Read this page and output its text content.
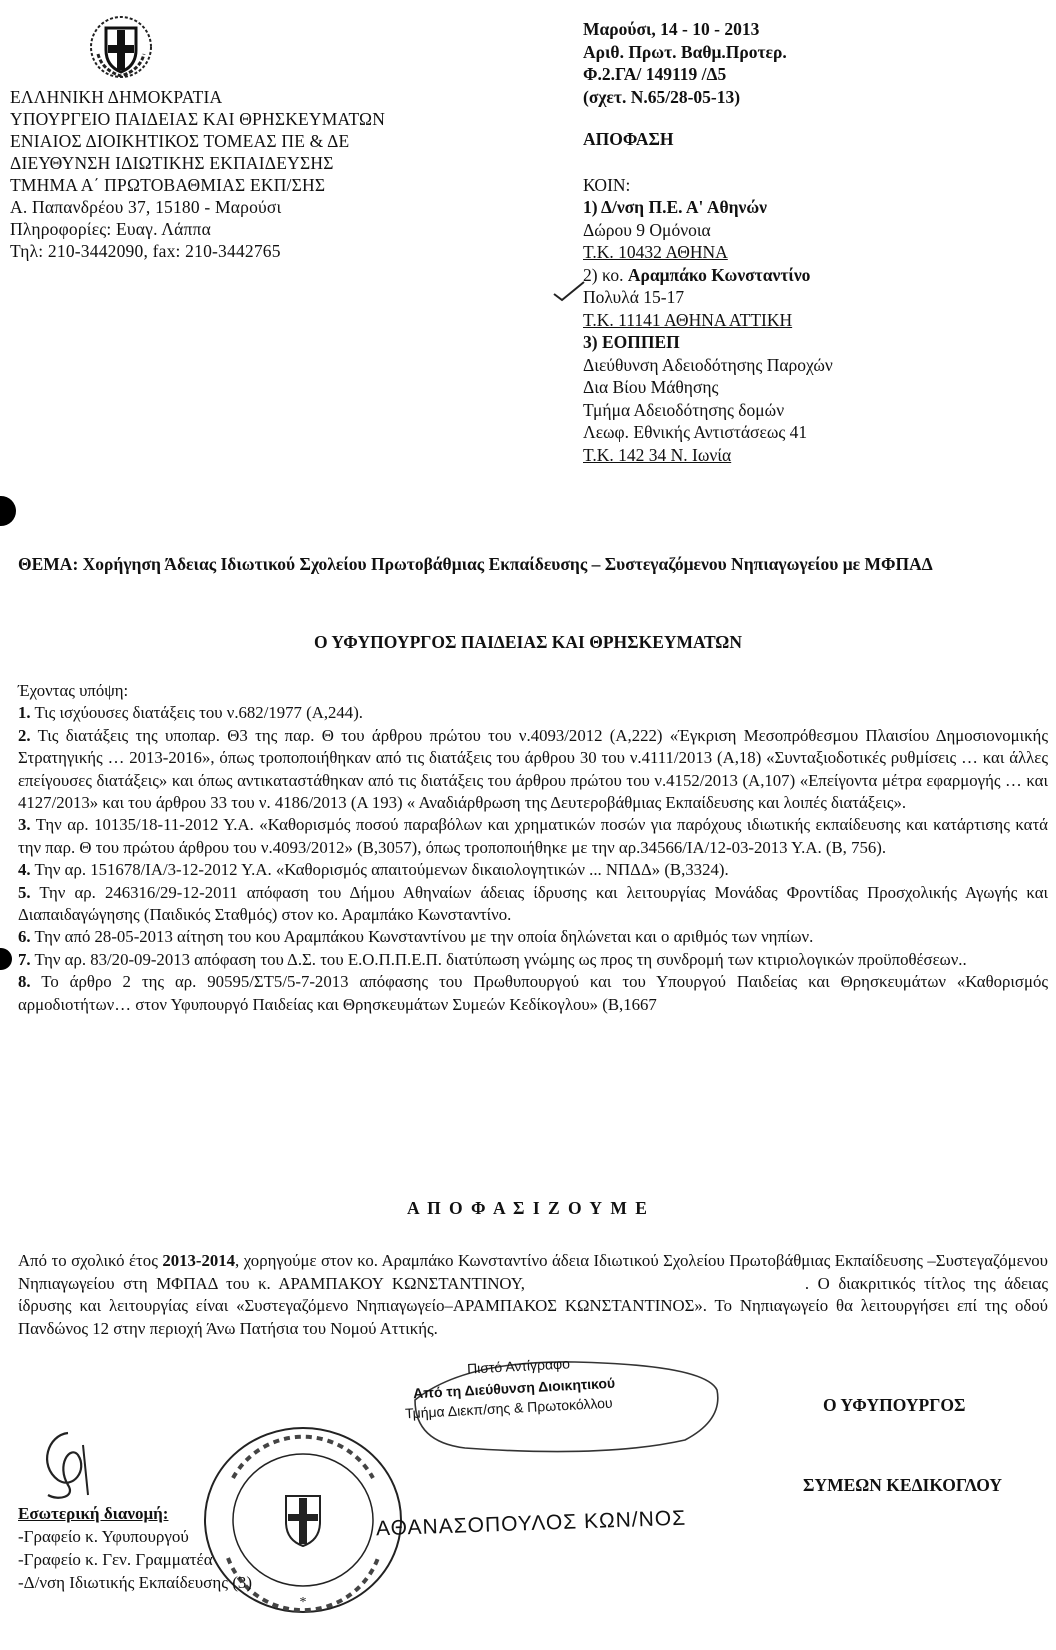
ΕΛΛΗΝΙΚΗ ΔΗΜΟΚΡΑΤΙΑ
ΥΠΟΥΡΓΕΙΟ ΠΑΙΔΕΙΑΣ ΚΑΙ ΘΡΗΣΚΕΥΜΑΤΩΝ
ΕΝΙΑΙΟΣ ΔΙΟΙΚΗΤΙΚΟΣ ΤΟΜΕΑΣ ΠΕ & ΔΕ
ΔΙΕΥΘΥΝΣΗ ΙΔΙΩΤΙΚΗΣ ΕΚΠΑΙΔΕΥΣΗΣ
ΤΜΗΜΑ Α΄ ΠΡΩΤΟΒΑΘΜΙΑΣ ΕΚΠ/ΣΗΣ
Α. Παπανδρέου 37, 15180 - Μαρούσι
Πληροφορίες: Ευαγ. Λάππα
Τηλ: 210-3442090, fax: 210-3442765
Μαρούσι, 14 - 10 - 2013
Αριθ. Πρωτ. Βαθμ.Προτερ.
Φ.2.ΓΑ/ 149119 /Δ5
(σχετ. Ν.65/28-05-13)
ΑΠΟΦΑΣΗ
ΚΟΙΝ:
1) Δ/νση Π.Ε. Α' Αθηνών
Δώρου 9 Ομόνοια
Τ.Κ. 10432 ΑΘΗΝΑ
2) κο. Αραμπάκο Κωνσταντίνο
Πολυλά 15-17
Τ.Κ. 11141 ΑΘΗΝΑ ΑΤΤΙΚΗ
3) ΕΟΠΠΕΠ
Διεύθυνση Αδειοδότησης Παροχών
Δια Βίου Μάθησης
Τμήμα Αδειοδότησης δομών
Λεωφ. Εθνικής Αντιστάσεως 41
Τ.Κ. 142 34 Ν. Ιωνία
ΘΕΜΑ: Χορήγηση Άδειας Ιδιωτικού Σχολείου Πρωτοβάθμιας Εκπαίδευσης – Συστεγαζόμενου Νηπιαγωγείου με ΜΦΠΑΔ
Ο ΥΦΥΠΟΥΡΓΟΣ ΠΑΙΔΕΙΑΣ ΚΑΙ ΘΡΗΣΚΕΥΜΑΤΩΝ

Έχοντας υπόψη:

1. Τις ισχύουσες διατάξεις του ν.682/1977 (Α,244).

2. Τις διατάξεις της υποπαρ. Θ3 της παρ. Θ του άρθρου πρώτου του ν.4093/2012 (Α,222) «Έγκριση Μεσοπρόθεσμου Πλαισίου Δημοσιονομικής Στρατηγικής … 2013-2016», όπως τροποποιήθηκαν από τις διατάξεις του άρθρου 30 του ν.4111/2013 (Α,18) «Συνταξιοδοτικές ρυθμίσεις … και άλλες επείγουσες διατάξεις» και όπως αντικαταστάθηκαν από τις διατάξεις του άρθρου πρώτου του ν.4152/2013 (Α,107) «Επείγοντα μέτρα εφαρμογής … και 4127/2013» και του άρθρου 33 του ν. 4186/2013 (Α 193) « Αναδιάρθρωση της Δευτεροβάθμιας Εκπαίδευσης και λοιπές διατάξεις».

3. Την αρ. 10135/18-11-2012 Υ.Α. «Καθορισμός ποσού παραβόλων και χρηματικών ποσών για παρόχους ιδιωτικής εκπαίδευσης και κατάρτισης κατά την παρ. Θ του πρώτου άρθρου του ν.4093/2012» (Β,3057), όπως τροποποιήθηκε με την αρ.34566/ΙΑ/12-03-2013 Υ.Α. (Β, 756).

4. Την αρ. 151678/ΙΑ/3-12-2012 Υ.Α. «Καθορισμός απαιτούμενων δικαιολογητικών ... ΝΠΔΔ» (Β,3324).

5. Την αρ. 246316/29-12-2011 απόφαση του Δήμου Αθηναίων άδειας ίδρυσης και λειτουργίας Μονάδας Φροντίδας Προσχολικής Αγωγής και Διαπαιδαγώγησης (Παιδικός Σταθμός) στον κο. Αραμπάκο Κωνσταντίνο.

6. Την από 28-05-2013 αίτηση του κου Αραμπάκου Κωνσταντίνου με την οποία δηλώνεται και ο αριθμός των νηπίων.

7. Την αρ. 83/20-09-2013 απόφαση του Δ.Σ. του Ε.Ο.Π.Π.Ε.Π. διατύπωση γνώμης ως προς τη συνδρομή των κτιριολογικών προϋποθέσεων..

8. Το άρθρο 2 της αρ. 90595/ΣΤ5/5-7-2013 απόφασης του Πρωθυπουργού και του Υπουργού Παιδείας και Θρησκευμάτων «Καθορισμός αρμοδιοτήτων… στον Υφυπουργό Παιδείας και Θρησκευμάτων Συμεών Κεδίκογλου» (Β,1667

Α Π Ο Φ Α Σ Ι Ζ Ο Υ Μ Ε
Από το σχολικό έτος 2013-2014, χορηγούμε στον κο. Αραμπάκο Κωνσταντίνο άδεια Ιδιωτικού Σχολείου Πρωτοβάθμιας Εκπαίδευσης –Συστεγαζόμενου Νηπιαγωγείου στη ΜΦΠΑΔ του κ. ΑΡΑΜΠΑΚΟΥ ΚΩΝΣΤΑΝΤΙΝΟΥ,	. Ο διακριτικός τίτλος της άδειας ίδρυσης και λειτουργίας είναι «Συστεγαζόμενο Νηπιαγωγείο–ΑΡΑΜΠΑΚΟΣ ΚΩΝΣΤΑΝΤΙΝΟΣ». Το Νηπιαγωγείο θα λειτουργήσει επί της οδού Πανδώνος 12 στην περιοχή Άνω Πατήσια του Νομού Αττικής.
Ο ΥΦΥΠΟΥΡΓΟΣ
ΣΥΜΕΩΝ ΚΕΔΙΚΟΓΛΟΥ
*
Πιστό Αντίγραφο
Από τη Διεύθυνση Διοικητικού
Τμήμα Διεκπ/σης & Πρωτοκόλλου
ΑΘΑΝΑΣΟΠΟΥΛΟΣ ΚΩΝ/ΝΟΣ
Εσωτερική διανομή:
-Γραφείο κ. Υφυπουργού
-Γραφείο κ. Γεν. Γραμματέα
-Δ/νση Ιδιωτικής Εκπαίδευσης (3)
